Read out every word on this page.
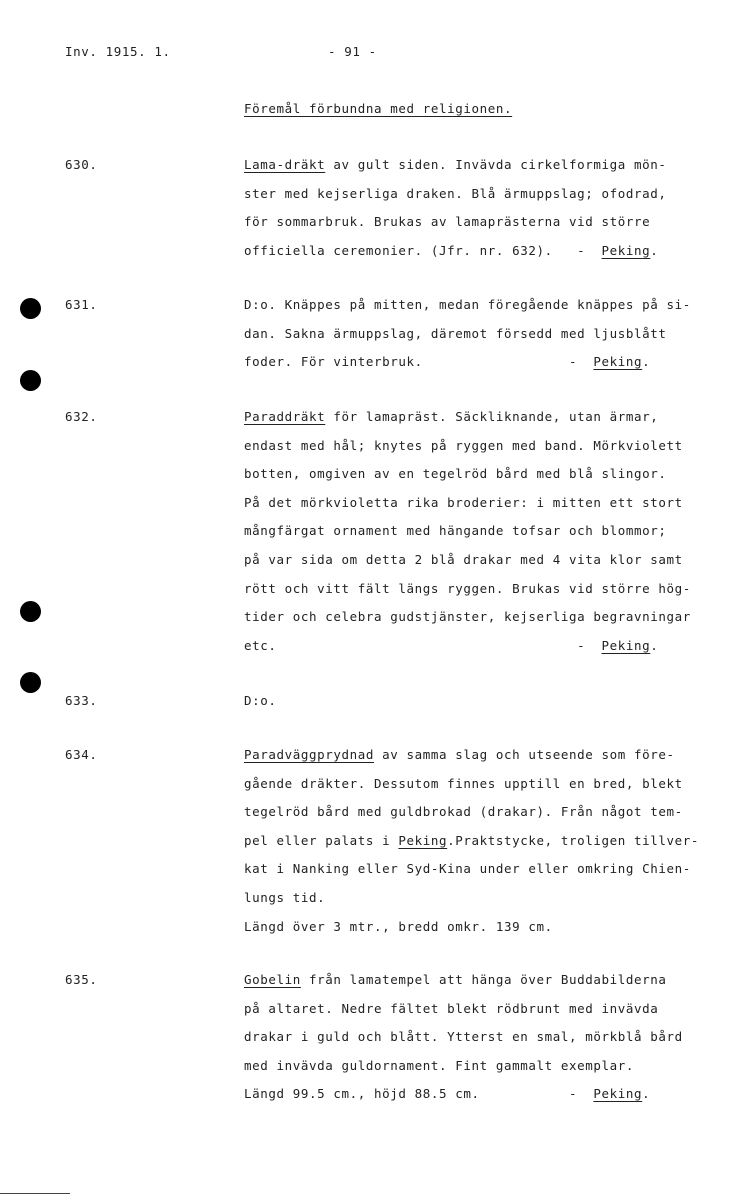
Inv. 1915. 1.	- 91 -
Föremål förbundna med religionen.
630.	Lama-dräkt av gult siden. Invävda cirkelformiga mön-
ster med kejserliga draken. Blå ärmuppslag; ofodrad,
för sommarbruk. Brukas av lamaprästerna vid större
officiella ceremonier. (Jfr. nr. 632).   -  Peking.
631.	D:o. Knäppes på mitten, medan föregående knäppes på si-
dan. Sakna ärmuppslag, däremot försedd med ljusblått
foder. För vinterbruk.                  -  Peking.
632.	Paraddräkt för lamapräst. Säckliknande, utan ärmar,
endast med hål; knytes på ryggen med band. Mörkviolett
botten, omgiven av en tegelröd bård med blå slingor.
På det mörkvioletta rika broderier: i mitten ett stort
mångfärgat ornament med hängande tofsar och blommor;
på var sida om detta 2 blå drakar med 4 vita klor samt
rött och vitt fält längs ryggen. Brukas vid större hög-
tider och celebra gudstjänster, kejserliga begravningar
etc.                                     -  Peking.
633.	D:o.
634.	Paradväggprydnad av samma slag och utseende som före-
gående dräkter. Dessutom finnes upptill en bred, blekt
tegelröd bård med guldbrokad (drakar). Från något tem-
pel eller palats i Peking.Praktstycke, troligen tillver-
kat i Nanking eller Syd-Kina under eller omkring Chien-
lungs tid.
Längd över 3 mtr., bredd omkr. 139 cm.
635.	Gobelin från lamatempel att hänga över Buddabilderna
på altaret. Nedre fältet blekt rödbrunt med invävda
drakar i guld och blått. Ytterst en smal, mörkblå bård
med invävda guldornament. Fint gammalt exemplar.
Längd 99.5 cm., höjd 88.5 cm.           -  Peking.
